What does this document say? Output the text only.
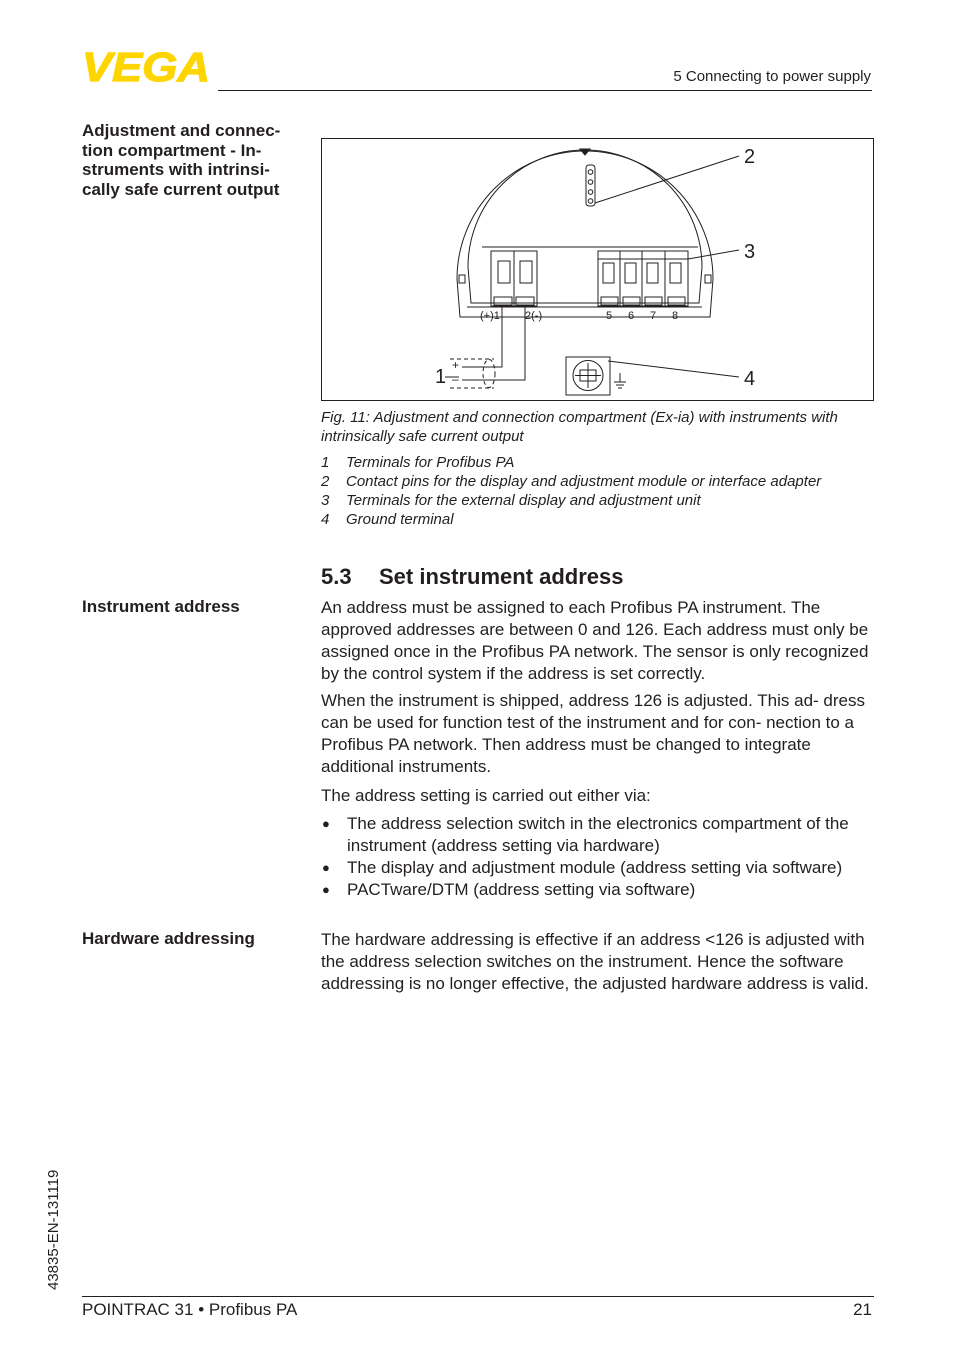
VEGA	5 Connecting to power supply
Adjustment and connec- tion compartment - In- struments with intrinsi- cally safe current output
1
2
3
4
(+)1 2(-)	5 6 7 8
+
–
Fig. 11: Adjustment and connection compartment (Ex-ia) with instruments with intrinsically safe current output
1	Terminals for Profibus PA
2	Contact pins for the display and adjustment module or interface adapter
3	Terminals for the external display and adjustment unit
4	Ground terminal
5.3 Set instrument address
Instrument address	An address must be assigned to each Profibus PA instrument. The approved addresses are between 0 and 126. Each address must only be assigned once in the Profibus PA network. The sensor is only recognized by the control system if the address is set correctly.
When the instrument is shipped, address 126 is adjusted. This ad- dress can be used for function test of the instrument and for con- nection to a Profibus PA network. Then address must be changed to integrate additional instruments.
The address setting is carried out either via:
●	The address selection switch in the electronics compartment of the instrument (address setting via hardware)
●	The display and adjustment module (address setting via software)
●	PACTware/DTM (address setting via software)
Hardware addressing	The hardware addressing is effective if an address <126 is adjusted with the address selection switches on the instrument. Hence the software addressing is no longer effective, the adjusted hardware address is valid.
43835-EN-131119
POINTRAC 31 • Profibus PA	21
